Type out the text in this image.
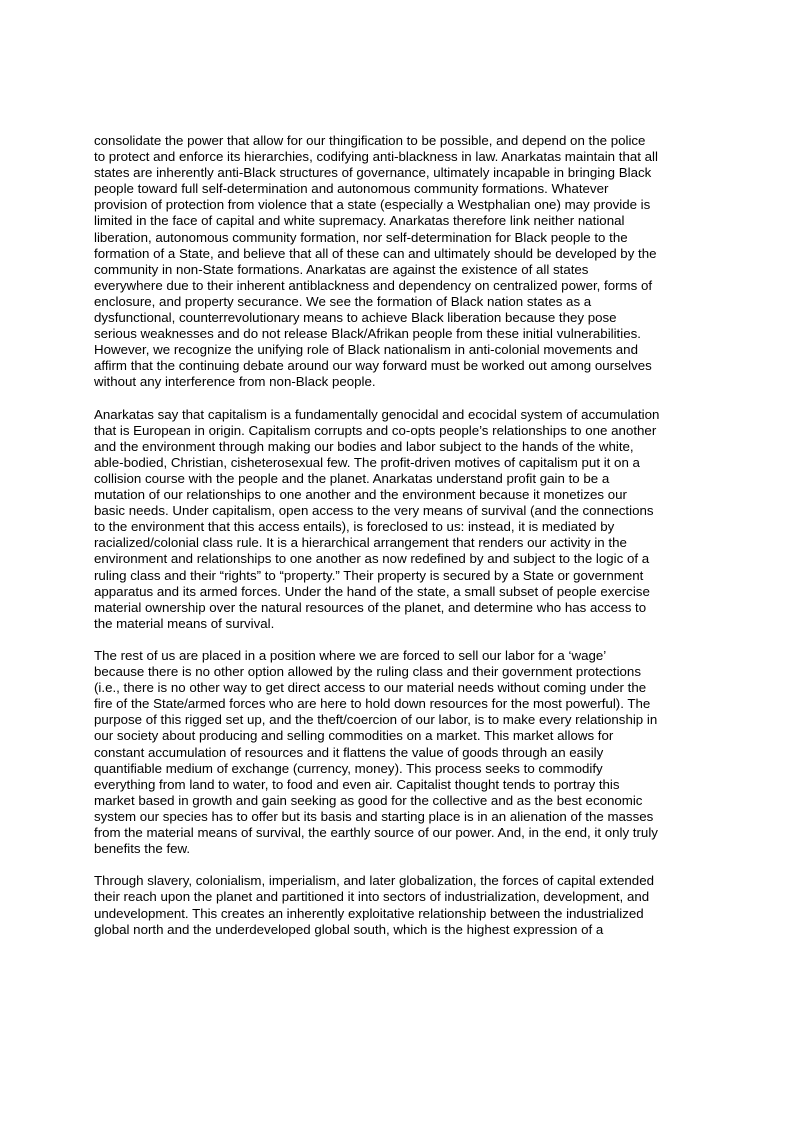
consolidate the power that allow for our thingification to be possible, and depend on the police
to protect and enforce its hierarchies, codifying anti-blackness in law. Anarkatas maintain that all
states are inherently anti-Black structures of governance, ultimately incapable in bringing Black
people toward full self-determination and autonomous community formations. Whatever
provision of protection from violence that a state (especially a Westphalian one) may provide is
limited in the face of capital and white supremacy. Anarkatas therefore link neither national
liberation, autonomous community formation, nor self-determination for Black people to the
formation of a State, and believe that all of these can and ultimately should be developed by the
community in non-State formations. Anarkatas are against the existence of all states
everywhere due to their inherent antiblackness and dependency on centralized power, forms of
enclosure, and property securance. We see the formation of Black nation states as a
dysfunctional, counterrevolutionary means to achieve Black liberation because they pose
serious weaknesses and do not release Black/Afrikan people from these initial vulnerabilities.
However, we recognize the unifying role of Black nationalism in anti-colonial movements and
affirm that the continuing debate around our way forward must be worked out among ourselves
without any interference from non-Black people.

Anarkatas say that capitalism is a fundamentally genocidal and ecocidal system of accumulation
that is European in origin. Capitalism corrupts and co-opts people’s relationships to one another
and the environment through making our bodies and labor subject to the hands of the white,
able-bodied, Christian, cisheterosexual few. The profit-driven motives of capitalism put it on a
collision course with the people and the planet. Anarkatas understand profit gain to be a
mutation of our relationships to one another and the environment because it monetizes our
basic needs. Under capitalism, open access to the very means of survival (and the connections
to the environment that this access entails), is foreclosed to us: instead, it is mediated by
racialized/colonial class rule. It is a hierarchical arrangement that renders our activity in the
environment and relationships to one another as now redefined by and subject to the logic of a
ruling class and their “rights” to “property.” Their property is secured by a State or government
apparatus and its armed forces. Under the hand of the state, a small subset of people exercise
material ownership over the natural resources of the planet, and determine who has access to
the material means of survival.

The rest of us are placed in a position where we are forced to sell our labor for a ‘wage’
because there is no other option allowed by the ruling class and their government protections
(i.e., there is no other way to get direct access to our material needs without coming under the
fire of the State/armed forces who are here to hold down resources for the most powerful). The
purpose of this rigged set up, and the theft/coercion of our labor, is to make every relationship in
our society about producing and selling commodities on a market. This market allows for
constant accumulation of resources and it flattens the value of goods through an easily
quantifiable medium of exchange (currency, money). This process seeks to commodify
everything from land to water, to food and even air. Capitalist thought tends to portray this
market based in growth and gain seeking as good for the collective and as the best economic
system our species has to offer but its basis and starting place is in an alienation of the masses
from the material means of survival, the earthly source of our power. And, in the end, it only truly
benefits the few.

Through slavery, colonialism, imperialism, and later globalization, the forces of capital extended
their reach upon the planet and partitioned it into sectors of industrialization, development, and
undevelopment. This creates an inherently exploitative relationship between the industrialized
global north and the underdeveloped global south, which is the highest expression of a
